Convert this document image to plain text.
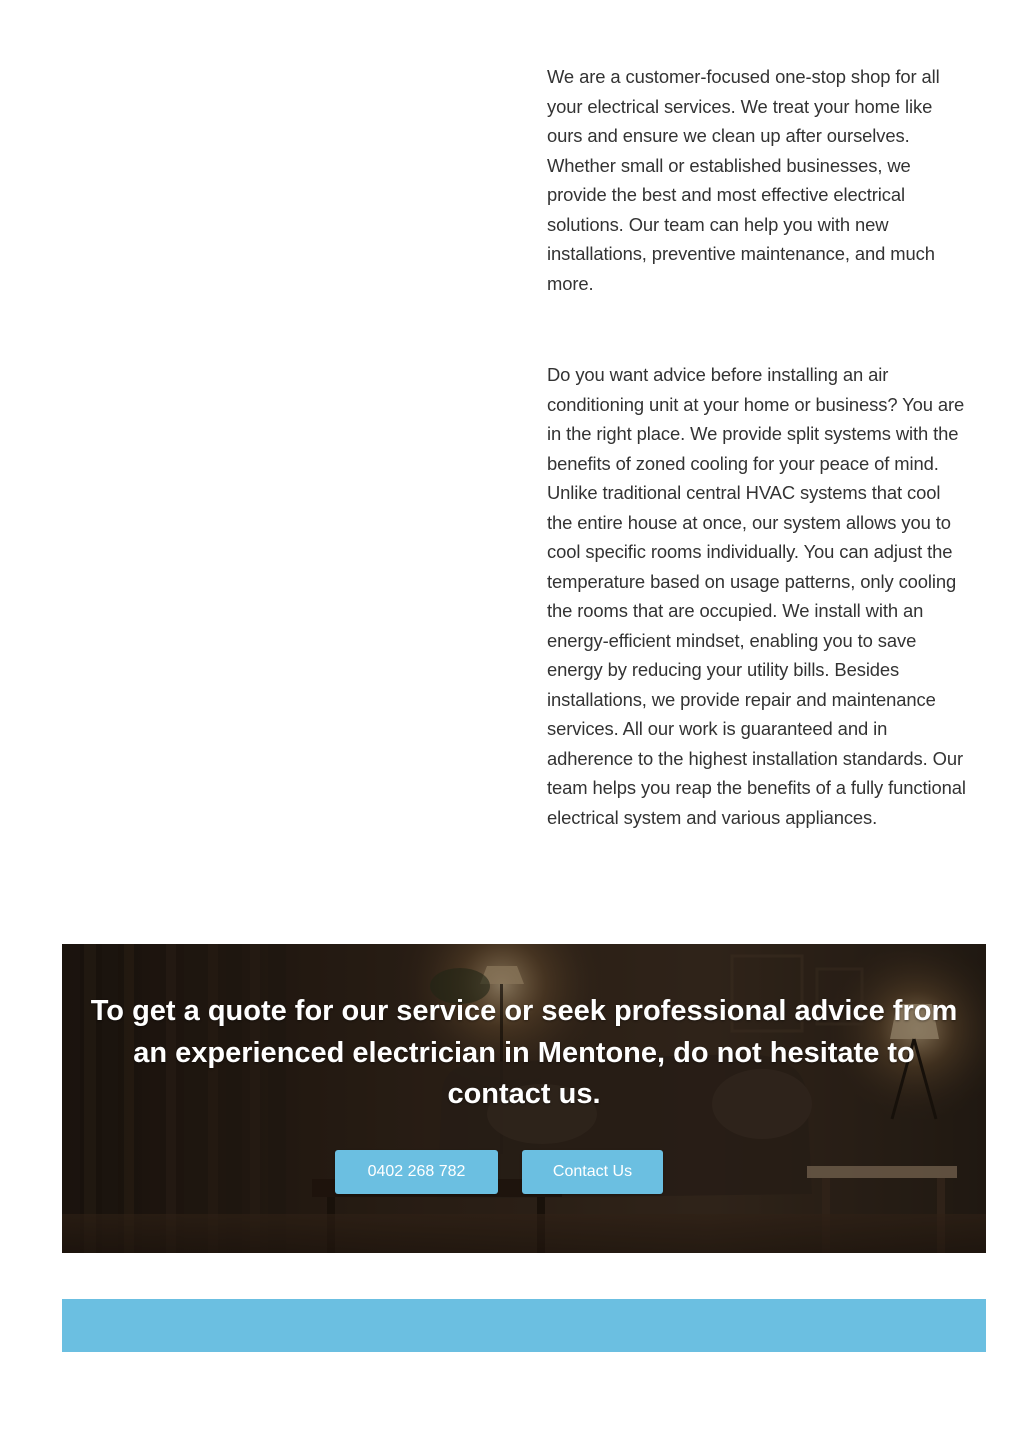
We are a customer-focused one-stop shop for all your electrical services. We treat your home like ours and ensure we clean up after ourselves. Whether small or established businesses, we provide the best and most effective electrical solutions. Our team can help you with new installations, preventive maintenance, and much more.

Do you want advice before installing an air conditioning unit at your home or business? You are in the right place. We provide split systems with the benefits of zoned cooling for your peace of mind. Unlike traditional central HVAC systems that cool the entire house at once, our system allows you to cool specific rooms individually. You can adjust the temperature based on usage patterns, only cooling the rooms that are occupied. We install with an energy-efficient mindset, enabling you to save energy by reducing your utility bills. Besides installations, we provide repair and maintenance services. All our work is guaranteed and in adherence to the highest installation standards. Our team helps you reap the benefits of a fully functional electrical system and various appliances.

To get a quote for our service or seek professional advice from an experienced electrician in Mentone, do not hesitate to contact us.
0402 268 782	Contact Us
